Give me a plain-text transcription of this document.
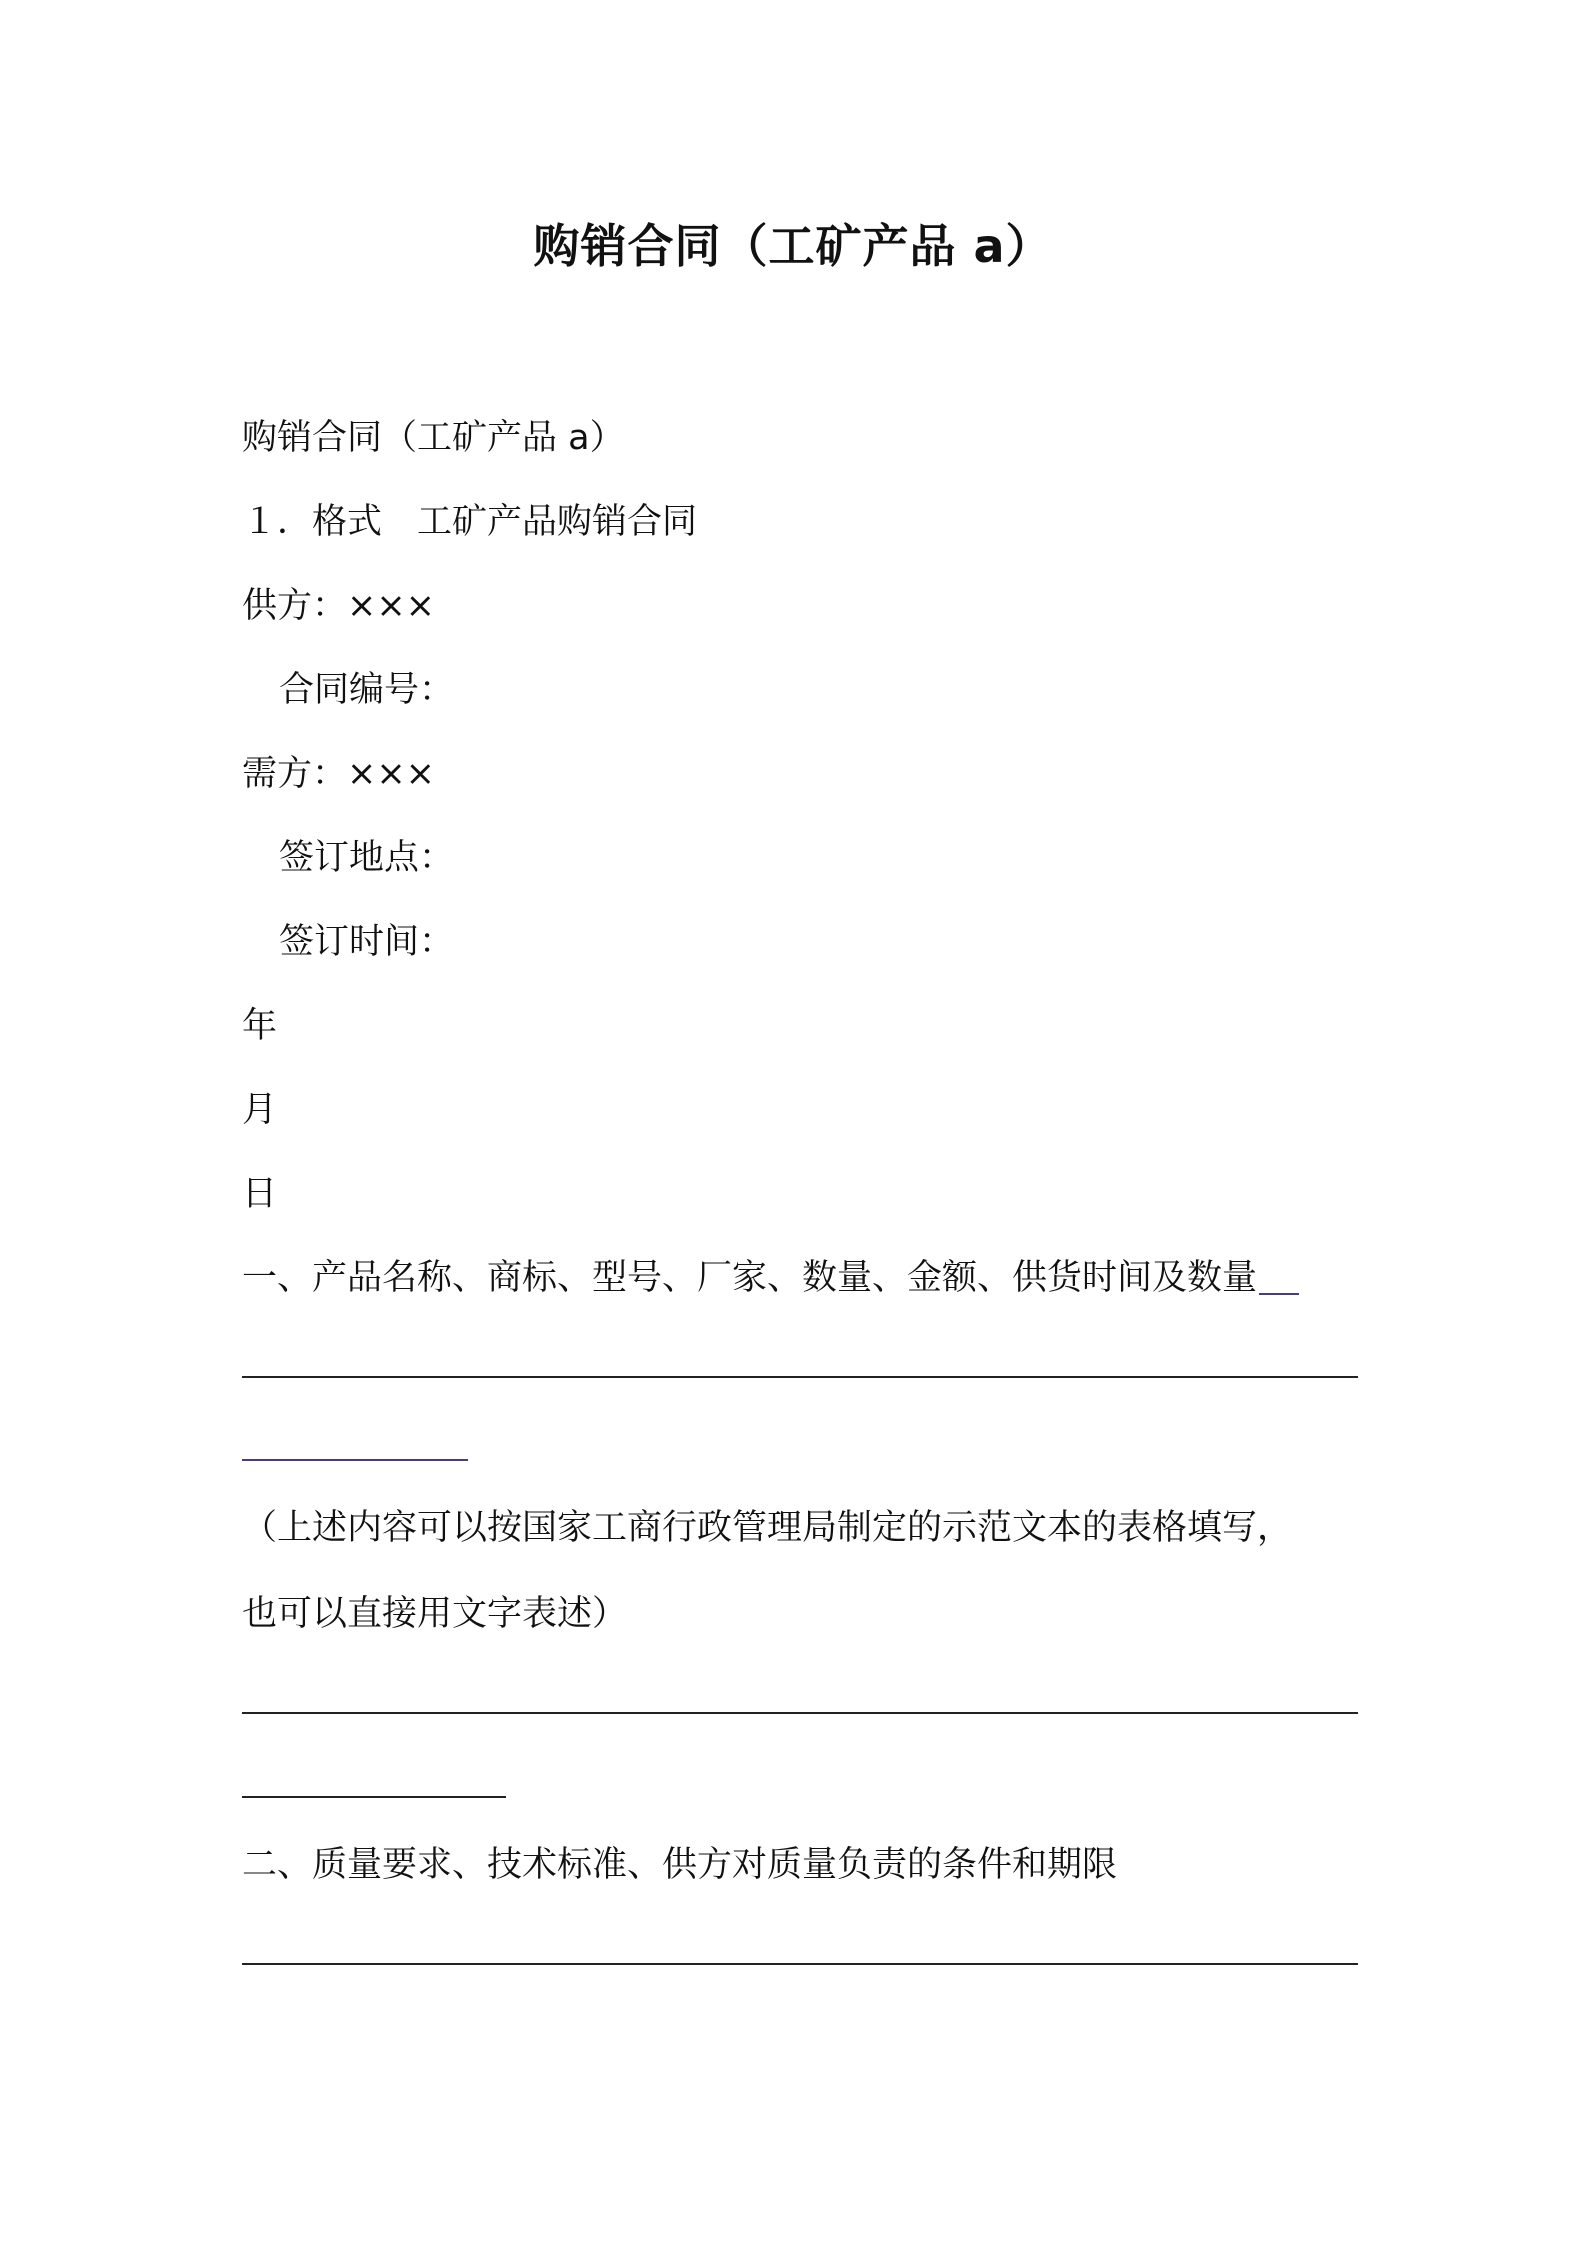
购销合同（工矿产品 a）
购销合同（工矿产品 a）
１．格式　工矿产品购销合同
供方：×××
合同编号：
需方：×××
签订地点：
签订时间：
年
月
日
一、产品名称、商标、型号、厂家、数量、金额、供货时间及数量
（上述内容可以按国家工商行政管理局制定的示范文本的表格填写，
也可以直接用文字表述）
二、质量要求、技术标准、供方对质量负责的条件和期限
